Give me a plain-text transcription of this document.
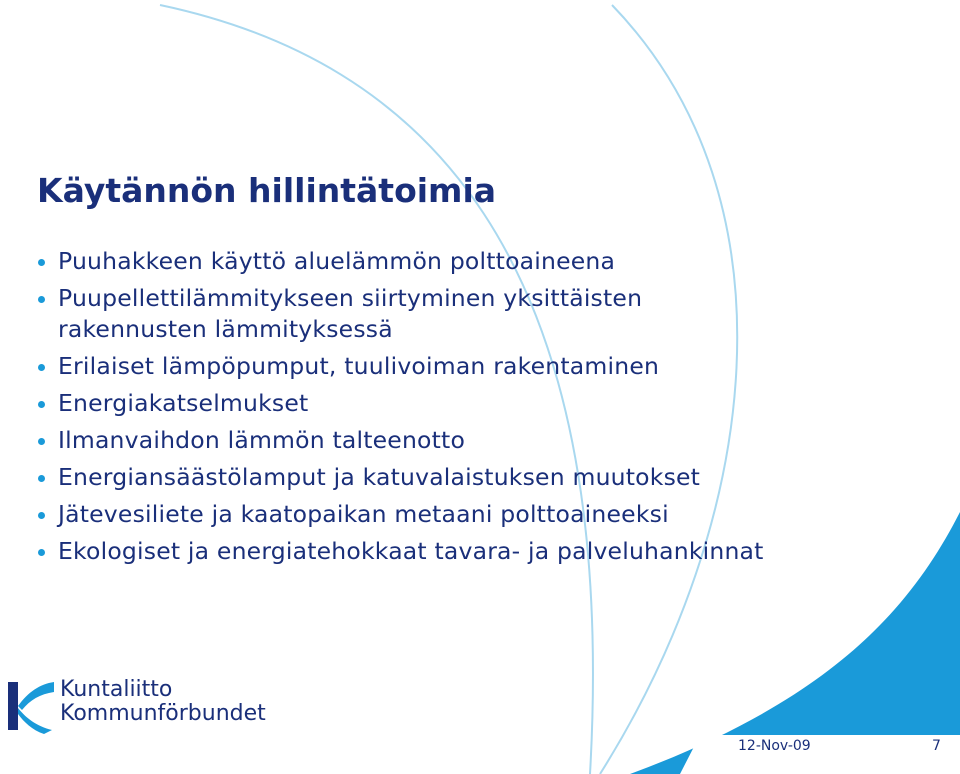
Käytännön hillintätoimia
Puuhakkeen käyttö aluelämmön polttoaineena
Puupellettilämmitykseen siirtyminen yksittäisten rakennusten lämmityksessä
Erilaiset lämpöpumput, tuulivoiman rakentaminen
Energiakatselmukset
Ilmanvaihdon lämmön talteenotto
Energiansäästölamput ja katuvalaistuksen muutokset
Jätevesiliete ja kaatopaikan metaani polttoaineeksi
Ekologiset ja energiatehokkaat tavara- ja palveluhankinnat
Kuntaliitto
Kommunförbundet
12-Nov-09	7
